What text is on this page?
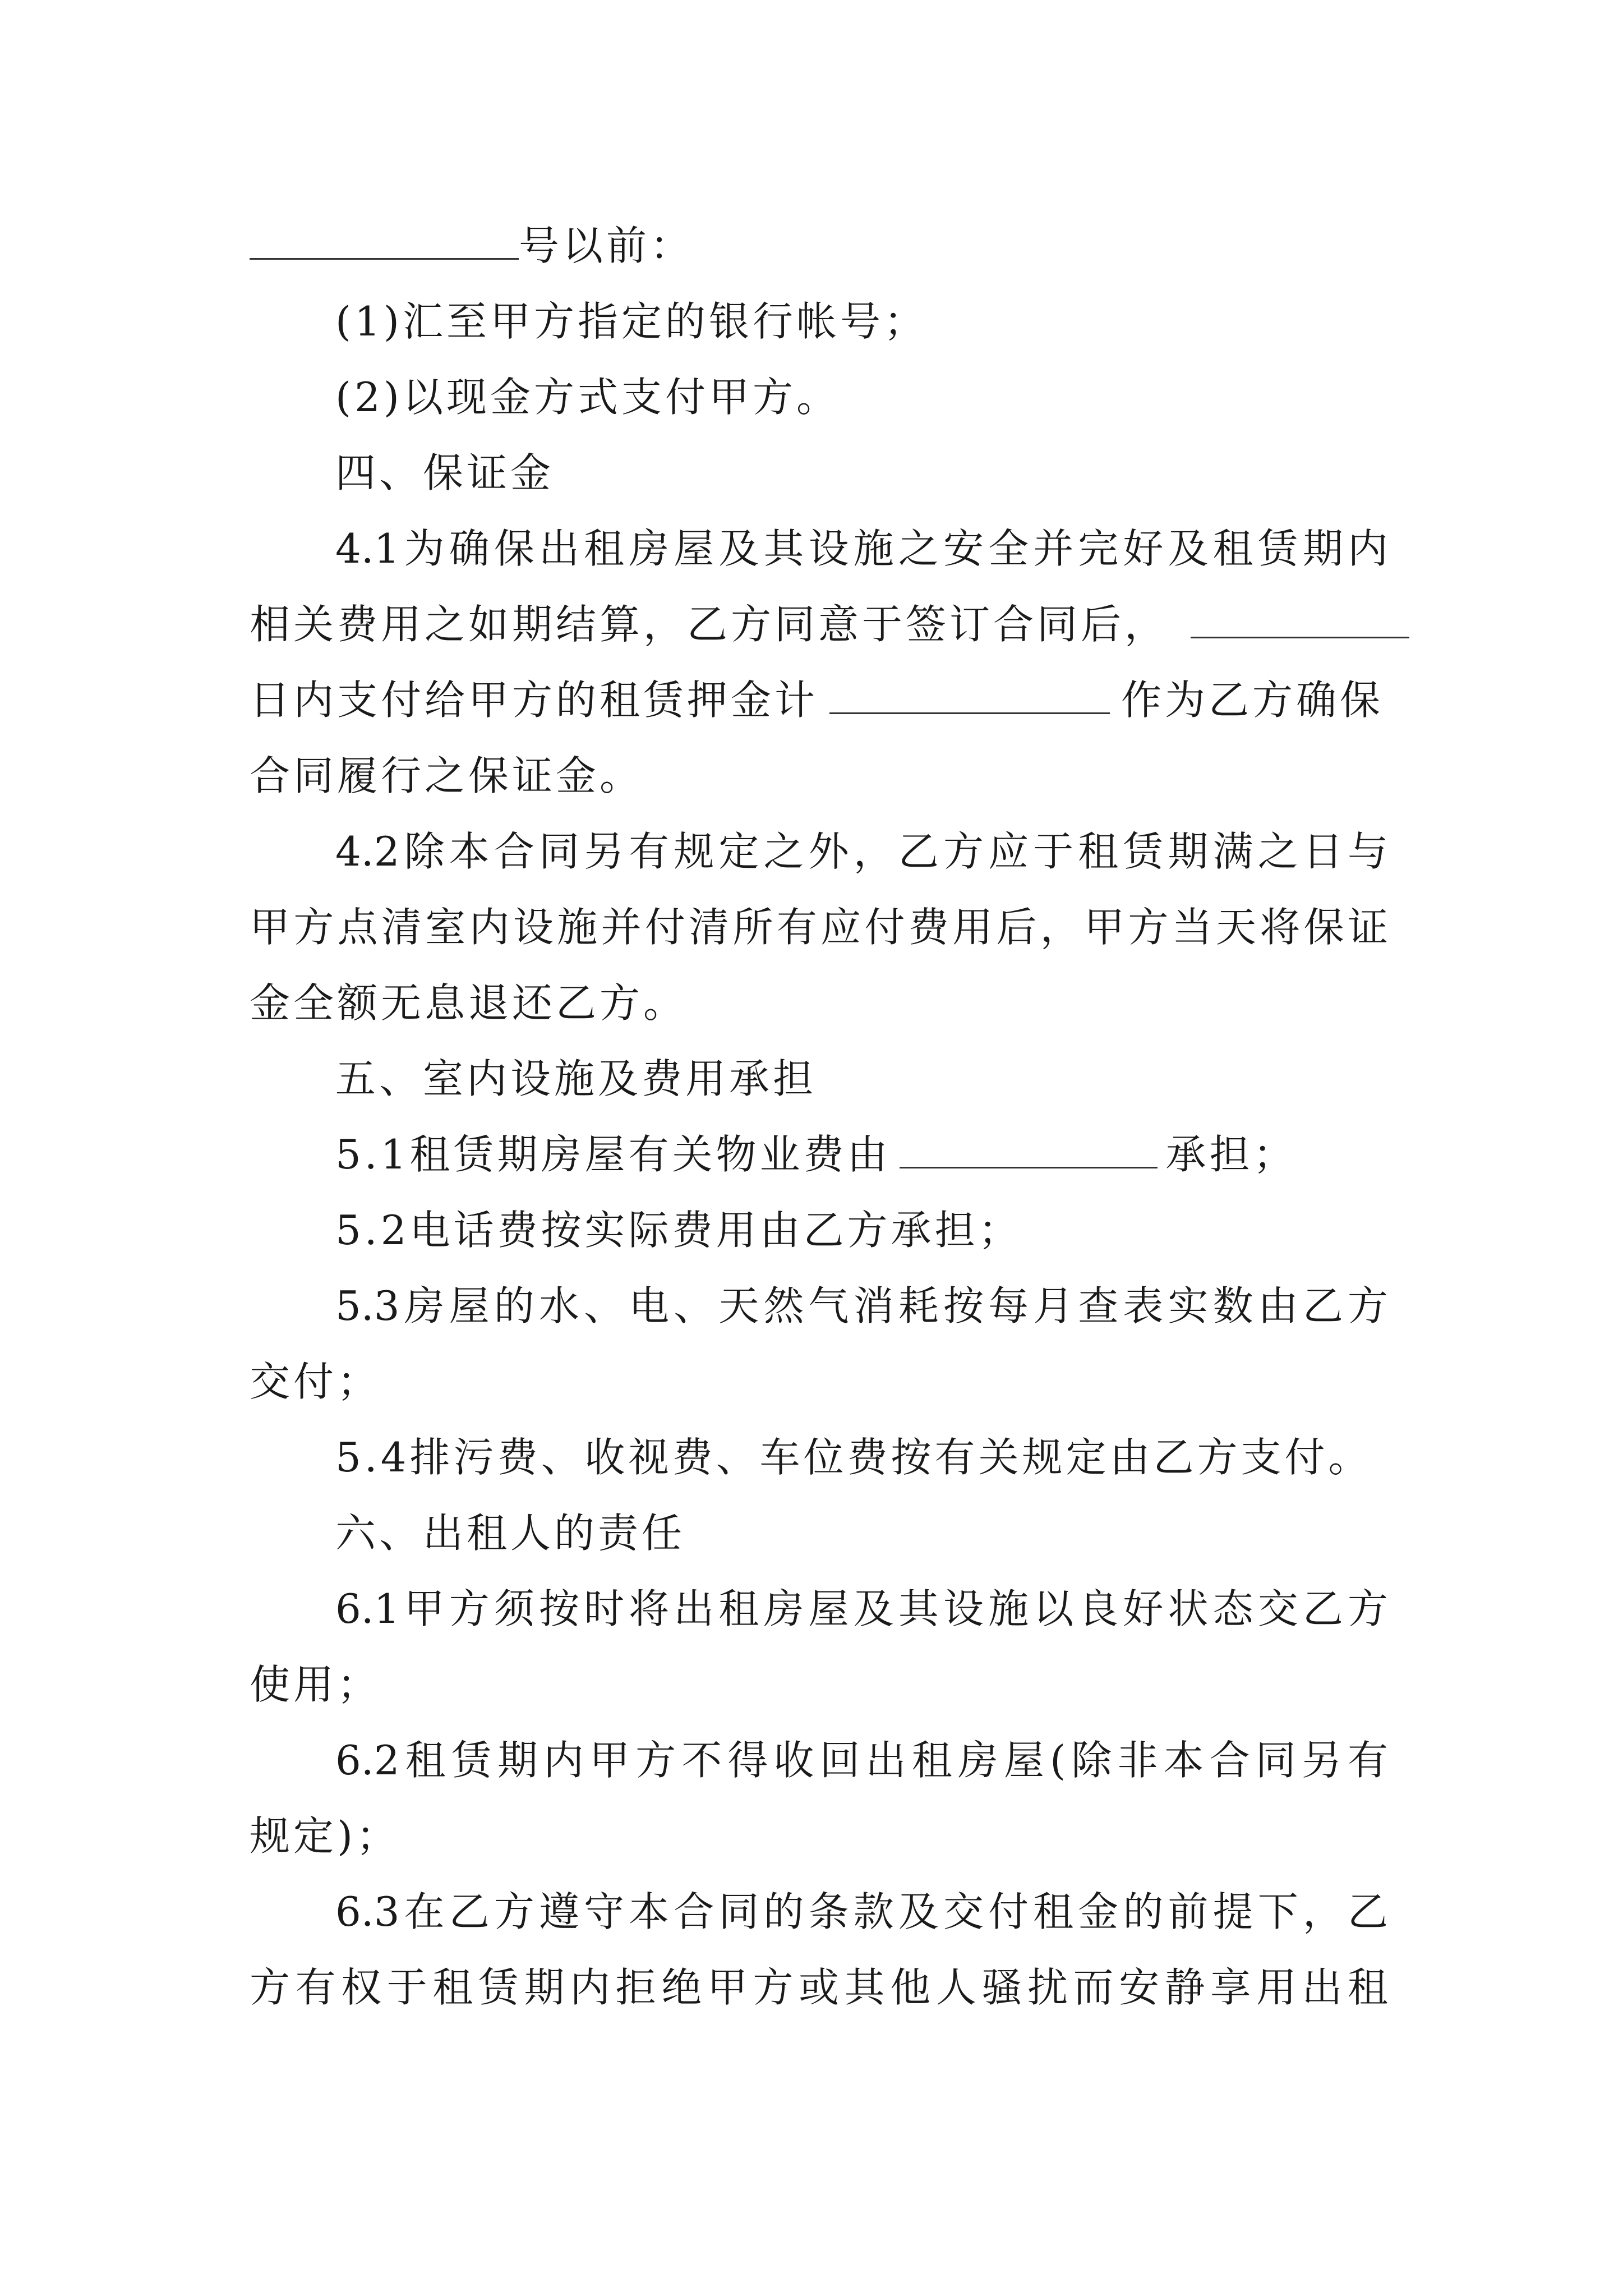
号以前：
(1)汇至甲方指定的银行帐号；
(2)以现金方式支付甲方。
四、保证金
4.1为确保出租房屋及其设施之安全并完好及租赁期内
相关费用之如期结算，乙方同意于签订合同后，
日内支付给甲方的租赁押金计	作为乙方确保
合同履行之保证金。
4.2除本合同另有规定之外，乙方应于租赁期满之日与
甲方点清室内设施并付清所有应付费用后，甲方当天将保证
金全额无息退还乙方。
五、室内设施及费用承担
5.1租赁期房屋有关物业费由	承担；
5.2电话费按实际费用由乙方承担；
5.3房屋的水、电、天然气消耗按每月查表实数由乙方
交付；
5.4排污费、收视费、车位费按有关规定由乙方支付。
六、出租人的责任
6.1甲方须按时将出租房屋及其设施以良好状态交乙方
使用；
6.2租赁期内甲方不得收回出租房屋(除非本合同另有
规定)；
6.3在乙方遵守本合同的条款及交付租金的前提下，乙
方有权于租赁期内拒绝甲方或其他人骚扰而安静享用出租
